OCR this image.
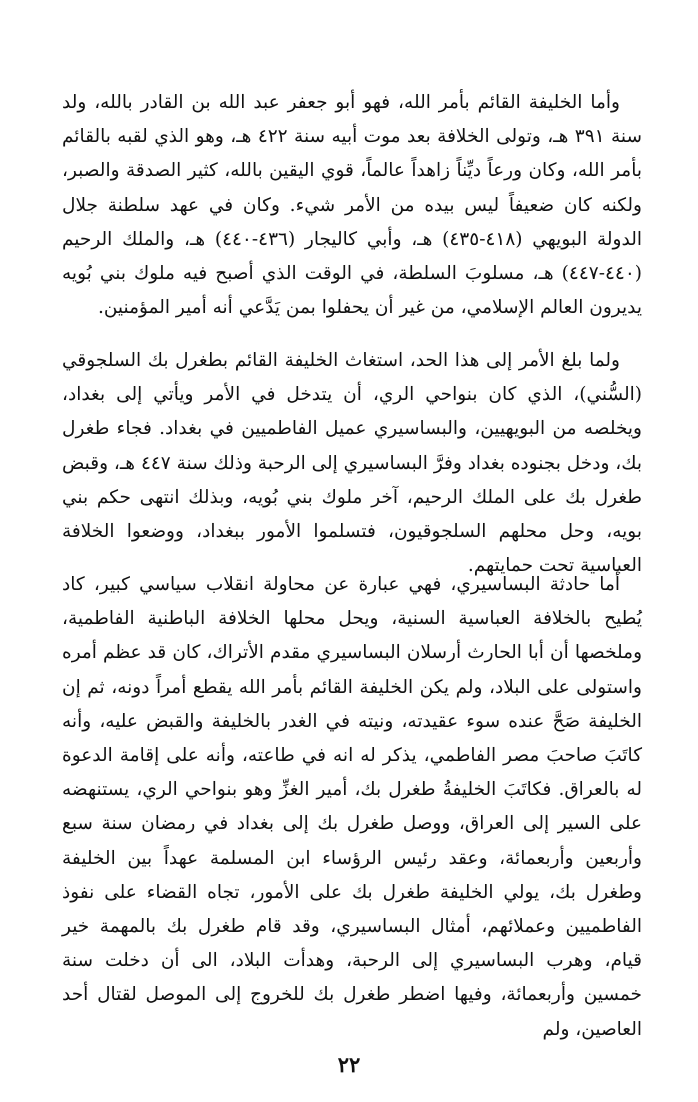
وأما الخليفة القائم بأمر الله، فهو أبو جعفر عبد الله بن القادر بالله، ولد سنة ٣٩١ هـ، وتولى الخلافة بعد موت أبيه سنة ٤٢٢ هـ، وهو الذي لقبه بالقائم بأمر الله، وكان ورعاً ديِّناً زاهداً عالماً، قوي اليقين بالله، كثير الصدقة والصبر، ولكنه كان ضعيفاً ليس بيده من الأمر شيء. وكان في عهد سلطنة جلال الدولة البويهي (٤١٨-٤٣٥) هـ، وأبي كاليجار (٤٣٦-٤٤٠) هـ، والملك الرحيم (٤٤٠-٤٤٧) هـ، مسلوبَ السلطة، في الوقت الذي أصبح فيه ملوك بني بُويه يديرون العالم الإسلامي، من غير أن يحفلوا بمن يَدَّعي أنه أمير المؤمنين.

ولما بلغ الأمر إلى هذا الحد، استغاث الخليفة القائم بطغرل بك السلجوقي (السُّني)، الذي كان بنواحي الري، أن يتدخل في الأمر ويأتي إلى بغداد، ويخلصه من البويهيين، والبساسيري عميل الفاطميين في بغداد. فجاء طغرل بك، ودخل بجنوده بغداد وفرَّ البساسيري إلى الرحبة وذلك سنة ٤٤٧ هـ، وقبض طغرل بك على الملك الرحيم، آخر ملوك بني بُويه، وبذلك انتهى حكم بني بويه، وحل محلهم السلجوقيون، فتسلموا الأمور ببغداد، ووضعوا الخلافة العباسية تحت حمايتهم.

أما حادثة البساسيري، فهي عبارة عن محاولة انقلاب سياسي كبير، كاد يُطيح بالخلافة العباسية السنية، ويحل محلها الخلافة الباطنية الفاطمية، وملخصها أن أبا الحارث أرسلان البساسيري مقدم الأتراك، كان قد عظم أمره واستولى على البلاد، ولم يكن الخليفة القائم بأمر الله يقطع أمراً دونه، ثم إن الخليفة صَحَّ عنده سوء عقيدته، ونيته في الغدر بالخليفة والقبض عليه، وأنه كاتَبَ صاحبَ مصر الفاطمي، يذكر له انه في طاعته، وأنه على إقامة الدعوة له بالعراق. فكاتَبَ الخليفةُ طغرل بك، أمير الغزِّ وهو بنواحي الري، يستنهضه على السير إلى العراق، ووصل طغرل بك إلى بغداد في رمضان سنة سبع وأربعين وأربعمائة، وعقد رئيس الرؤساء ابن المسلمة عهداً بين الخليفة وطغرل بك، يولي الخليفة طغرل بك على الأمور، تجاه القضاء على نفوذ الفاطميين وعملائهم، أمثال البساسيري، وقد قام طغرل بك بالمهمة خير قيام، وهرب البساسيري إلى الرحبة، وهدأت البلاد، الى أن دخلت سنة خمسين وأربعمائة، وفيها اضطر طغرل بك للخروج إلى الموصل لقتال أحد العاصين، ولم

٢٢
